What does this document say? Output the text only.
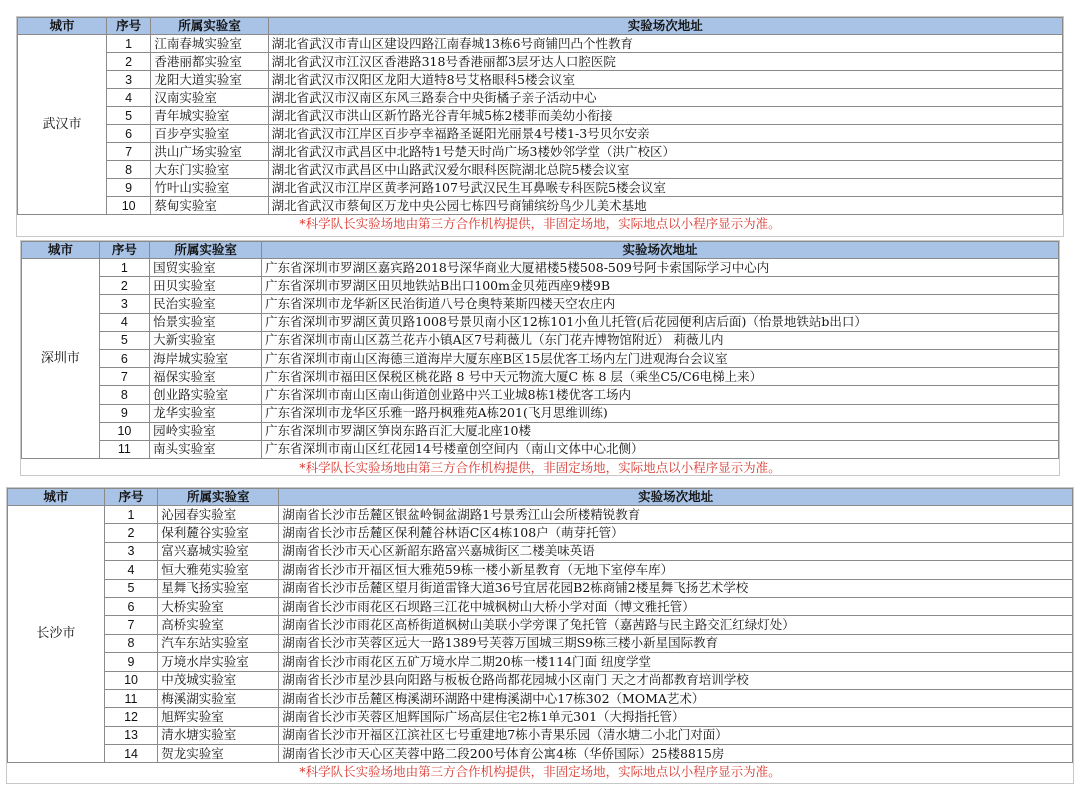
城市	序号	所属实验室	实验场次地址
武汉市	1	江南春城实验室	湖北省武汉市青山区建设四路江南春城13栋6号商铺凹凸个性教育
	2	香港丽都实验室	湖北省武汉市江汉区香港路318号香港丽都3层牙达人口腔医院
	3	龙阳大道实验室	湖北省武汉市汉阳区龙阳大道特8号艾格眼科5楼会议室
	4	汉南实验室	湖北省武汉市汉南区东风三路泰合中央街橘子亲子活动中心
	5	青年城实验室	湖北省武汉市洪山区新竹路光谷青年城5栋2楼菲而美幼小衔接
	6	百步亭实验室	湖北省武汉市江岸区百步亭幸福路圣诞阳光丽景4号楼1-3号贝尔安亲
	7	洪山广场实验室	湖北省武汉市武昌区中北路特1号楚天时尚广场3楼妙邻学堂（洪广校区）
	8	大东门实验室	湖北省武汉市武昌区中山路武汉爱尔眼科医院湖北总院5楼会议室
	9	竹叶山实验室	湖北省武汉市江岸区黄孝河路107号武汉民生耳鼻喉专科医院5楼会议室
	10	蔡甸实验室	湖北省武汉市蔡甸区万龙中央公园七栋四号商铺缤纷鸟少儿美术基地
*科学队长实验场地由第三方合作机构提供，非固定场地，实际地点以小程序显示为准。			
城市	序号	所属实验室	实验场次地址
深圳市	1	国贸实验室	广东省深圳市罗湖区嘉宾路2018号深华商业大厦裙楼5楼508-509号阿卡索国际学习中心内
	2	田贝实验室	广东省深圳市罗湖区田贝地铁站B出口100m金贝苑西座9楼9B
	3	民治实验室	广东省深圳市龙华新区民治街道八号仓奥特莱斯四楼天空农庄内
	4	怡景实验室	广东省深圳市罗湖区黄贝路1008号景贝南小区12栋101小鱼儿托管(后花园便利店后面)（怡景地铁站b出口）
	5	大新实验室	广东省深圳市南山区荔兰花卉小镇A区7号莉薇儿（东门花卉博物馆附近） 莉薇儿内
	6	海岸城实验室	广东省深圳市南山区海德三道海岸大厦东座B区15层优客工场内左门进观海台会议室
	7	福保实验室	广东省深圳市福田区保税区桃花路 8 号中天元物流大厦C 栋 8 层（乘坐C5/C6电梯上来）
	8	创业路实验室	广东省深圳市南山区南山街道创业路中兴工业城8栋1楼优客工场内
	9	龙华实验室	广东省深圳市龙华区乐雅一路丹枫雅苑A栋201(飞月思维训练)
	10	园岭实验室	广东省深圳市罗湖区笋岗东路百汇大厦北座10楼
	11	南头实验室	广东省深圳市南山区红花园14号楼童创空间内（南山文体中心北侧）
*科学队长实验场地由第三方合作机构提供，非固定场地，实际地点以小程序显示为准。			
城市	序号	所属实验室	实验场次地址
长沙市	1	沁园春实验室	湖南省长沙市岳麓区银盆岭铜盆湖路1号景秀江山会所楼精锐教育
	2	保利麓谷实验室	湖南省长沙市岳麓区保利麓谷林语C区4栋108户（萌芽托管）
	3	富兴嘉城实验室	湖南省长沙市天心区新韶东路富兴嘉城街区二楼美味英语
	4	恒大雅苑实验室	湖南省长沙市开福区恒大雅苑59栋一楼小新星教育（无地下室停车库）
	5	星舞飞扬实验室	湖南省长沙市岳麓区望月街道雷锋大道36号宜居花园B2栋商铺2楼星舞飞扬艺术学校
	6	大桥实验室	湖南省长沙市雨花区石坝路三江花中城枫树山大桥小学对面（博文雅托管）
	7	高桥实验室	湖南省长沙市雨花区高桥街道枫树山美联小学旁课了兔托管（嘉茜路与民主路交汇红绿灯处）
	8	汽车东站实验室	湖南省长沙市芙蓉区远大一路1389号芙蓉万国城三期S9栋三楼小新星国际教育
	9	万境水岸实验室	湖南省长沙市雨花区五矿万境水岸二期20栋一楼114门面 纽度学堂
	10	中茂城实验室	湖南省长沙市星沙县向阳路与板板仓路尚都花园城小区南门 天之才尚都教育培训学校
	11	梅溪湖实验室	湖南省长沙市岳麓区梅溪湖环湖路中建梅溪湖中心17栋302（MOMA艺术）
	12	旭辉实验室	湖南省长沙市芙蓉区旭辉国际广场高层住宅2栋1单元301（大拇指托管）
	13	清水塘实验室	湖南省长沙市开福区江滨社区七号重建地7栋小青果乐园（清水塘二小北门对面）
	14	贺龙实验室	湖南省长沙市天心区芙蓉中路二段200号体育公寓4栋（华侨国际）25楼8815房
*科学队长实验场地由第三方合作机构提供，非固定场地，实际地点以小程序显示为准。			
